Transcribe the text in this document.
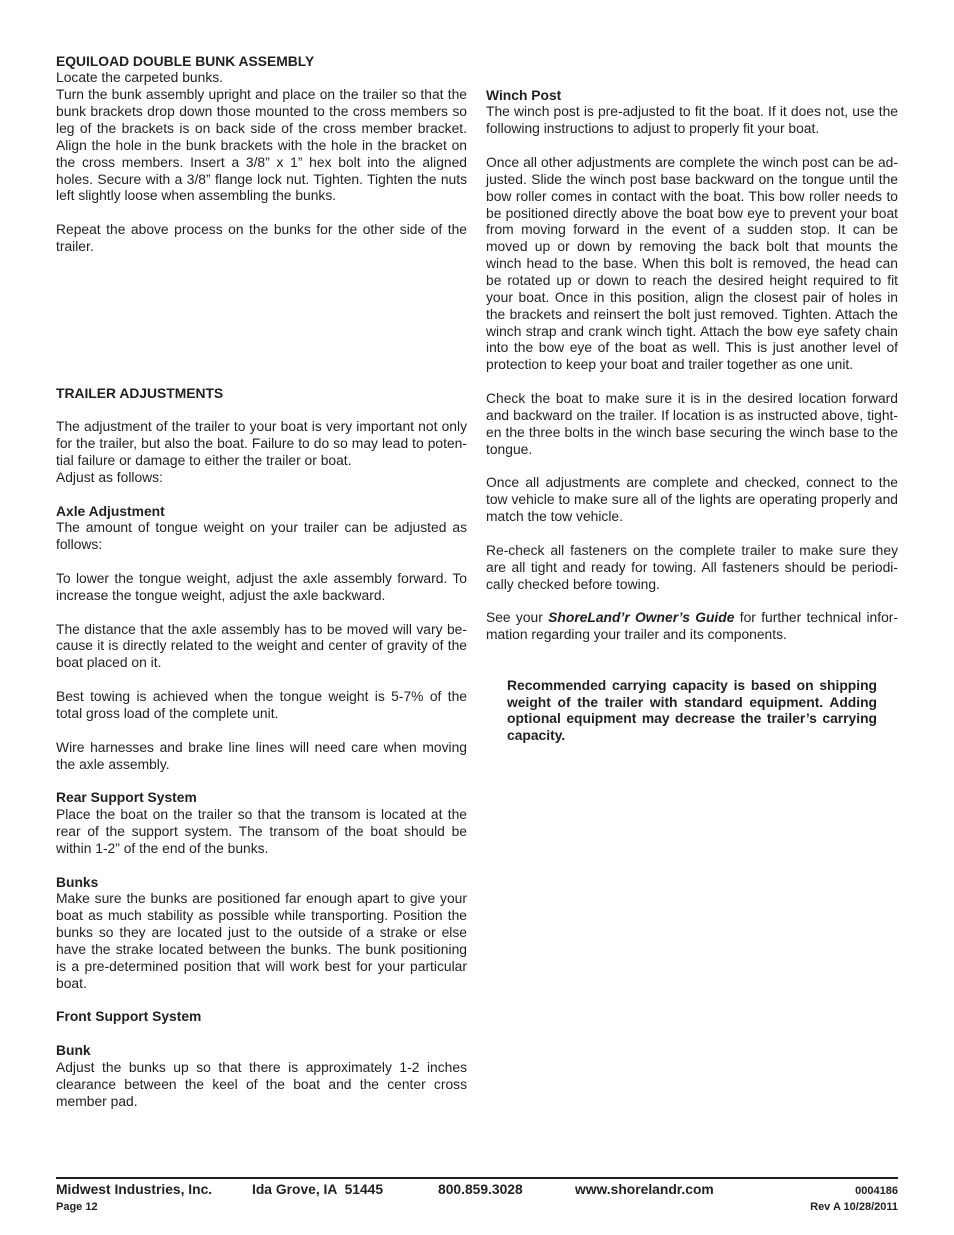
EQUILOAD DOUBLE BUNK ASSEMBLY
Locate the carpeted bunks.

Turn the bunk assembly upright and place on the trailer so that the bunk brackets drop down those mounted to the cross members so leg of the brackets is on back side of the cross member bracket. Align the hole in the bunk brackets with the hole in the bracket on the cross members. Insert a 3/8” x 1” hex bolt into the aligned holes. Secure with a 3/8” flange lock nut. Tighten. Tighten the nuts left slightly loose when assembling the bunks.

Repeat the above process on the bunks for the other side of the trailer.

TRAILER ADJUSTMENTS

The adjustment of the trailer to your boat is very important not only for the trailer, but also the boat. Failure to do so may lead to potential failure or damage to either the trailer or boat.

Adjust as follows:

Axle Adjustment

The amount of tongue weight on your trailer can be adjusted as follows:

To lower the tongue weight, adjust the axle assembly forward. To increase the tongue weight, adjust the axle backward.

The distance that the axle assembly has to be moved will vary because it is directly related to the weight and center of gravity of the boat placed on it.

Best towing is achieved when the tongue weight is 5-7% of the total gross load of the complete unit.

Wire harnesses and brake line lines will need care when moving the axle assembly.

Rear Support System

Place the boat on the trailer so that the transom is located at the rear of the support system. The transom of the boat should be within 1-2” of the end of the bunks.

Bunks

Make sure the bunks are positioned far enough apart to give your boat as much stability as possible while transporting. Position the bunks so they are located just to the outside of a strake or else have the strake located between the bunks. The bunk positioning is a pre-determined position that will work best for your particular boat.

Front Support System

Bunk

Adjust the bunks up so that there is approximately 1-2 inches clearance between the keel of the boat and the center cross member pad.

Winch Post

The winch post is pre-adjusted to fit the boat. If it does not, use the following instructions to adjust to properly fit your boat.

Once all other adjustments are complete the winch post can be adjusted. Slide the winch post base backward on the tongue until the bow roller comes in contact with the boat. This bow roller needs to be positioned directly above the boat bow eye to prevent your boat from moving forward in the event of a sudden stop. It can be moved up or down by removing the back bolt that mounts the winch head to the base. When this bolt is removed, the head can be rotated up or down to reach the desired height required to fit your boat. Once in this position, align the closest pair of holes in the brackets and reinsert the bolt just removed. Tighten. Attach the winch strap and crank winch tight. Attach the bow eye safety chain into the bow eye of the boat as well. This is just another level of protection to keep your boat and trailer together as one unit.

Check the boat to make sure it is in the desired location forward and backward on the trailer. If location is as instructed above, tighten the three bolts in the winch base securing the winch base to the tongue.

Once all adjustments are complete and checked, connect to the tow vehicle to make sure all of the lights are operating properly and match the tow vehicle.

Re-check all fasteners on the complete trailer to make sure they are all tight and ready for towing. All fasteners should be periodically checked before towing.

See your ShoreLand’r Owner’s Guide for further technical information regarding your trailer and its components.

Recommended carrying capacity is based on shipping weight of the trailer with standard equipment. Adding optional equipment may decrease the trailer’s carrying capacity.

Midwest Industries, Inc.	Ida Grove, IA  51445	800.859.3028	www.shorelandr.com	0004186
Page 12	Rev A 10/28/2011
